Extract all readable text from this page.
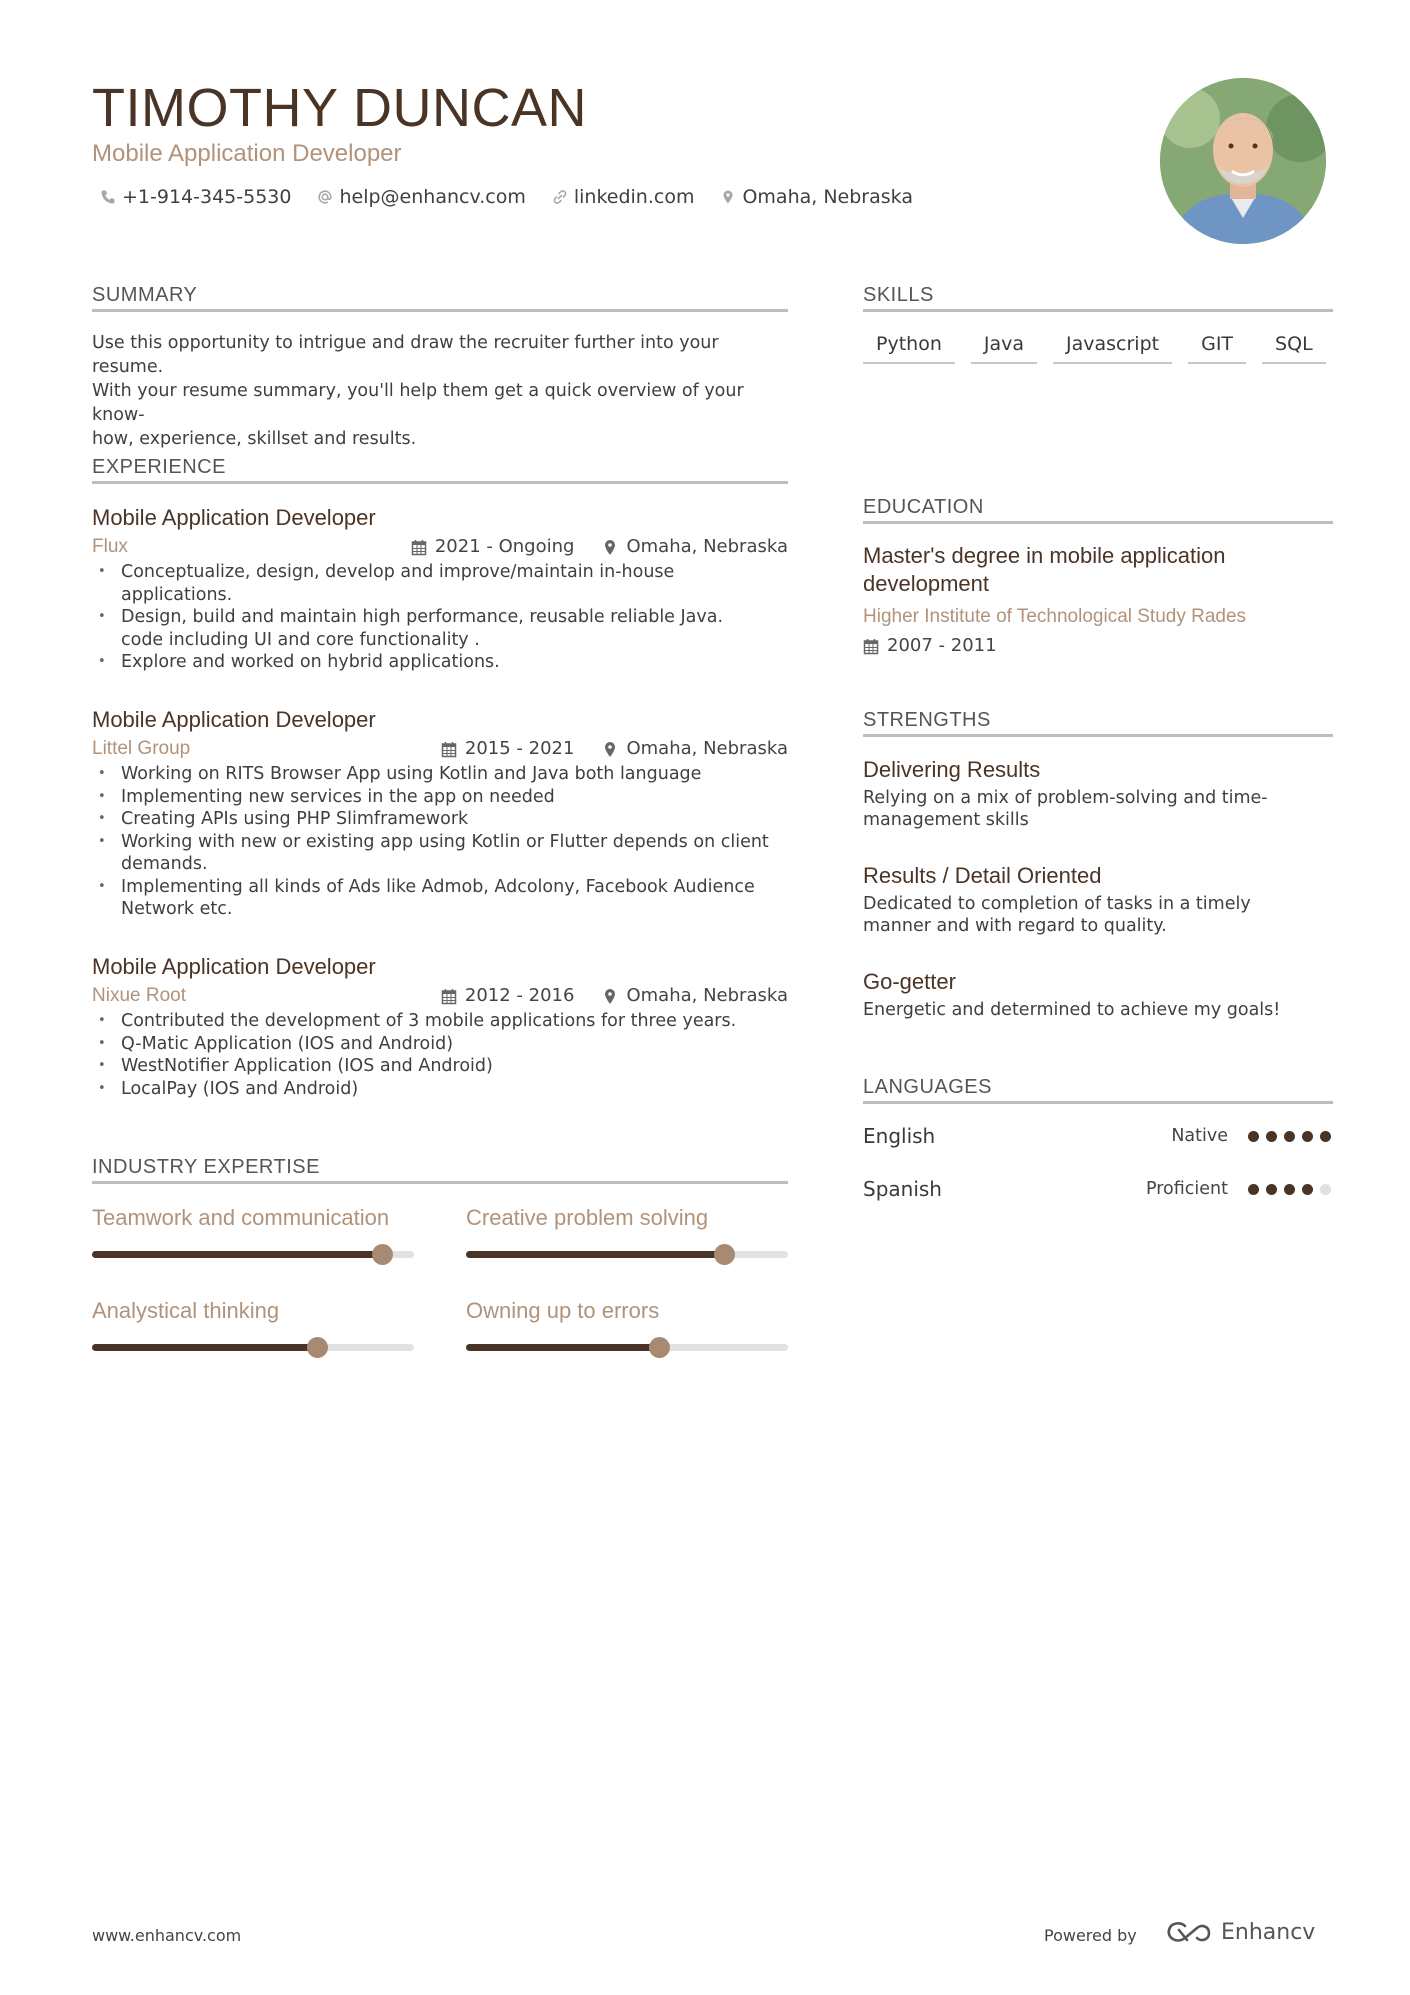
TIMOTHY DUNCAN
Mobile Application Developer
+1-914-345-5530	help@enhancv.com	linkedin.com	Omaha, Nebraska
SUMMARY
Use this opportunity to intrigue and draw the recruiter further into your resume.
With your resume summary, you'll help them get a quick overview of your know-
how, experience, skillset and results.
EXPERIENCE
Mobile Application Developer
Flux	2021 - Ongoing	Omaha, Nebraska
• Conceptualize, design, develop and improve/maintain in-house applications.
• Design, build and maintain high performance, reusable reliable Java.
code including UI and core functionality .
• Explore and worked on hybrid applications.
Mobile Application Developer
Littel Group	2015 - 2021	Omaha, Nebraska
• Working on RITS Browser App using Kotlin and Java both language
• Implementing new services in the app on needed
• Creating APIs using PHP Slimframework
• Working with new or existing app using Kotlin or Flutter depends on client demands.
• Implementing all kinds of Ads like Admob, Adcolony, Facebook Audience Network etc.
Mobile Application Developer
Nixue Root	2012 - 2016	Omaha, Nebraska
• Contributed the development of 3 mobile applications for three years.
• Q-Matic Application (IOS and Android)
• WestNotifier Application (IOS and Android)
• LocalPay (IOS and Android)
INDUSTRY EXPERTISE
Teamwork and communication	Creative problem solving
Analystical thinking	Owning up to errors
SKILLS
Python	Java	Javascript	GIT	SQL
EDUCATION
Master's degree in mobile application development
Higher Institute of Technological Study Rades
2007 - 2011
STRENGTHS
Delivering Results
Relying on a mix of problem-solving and time-management skills
Results / Detail Oriented
Dedicated to completion of tasks in a timely manner and with regard to quality.
Go-getter
Energetic and determined to achieve my goals!
LANGUAGES
English	Native
Spanish	Proficient
www.enhancv.com	Powered by	Enhancv
